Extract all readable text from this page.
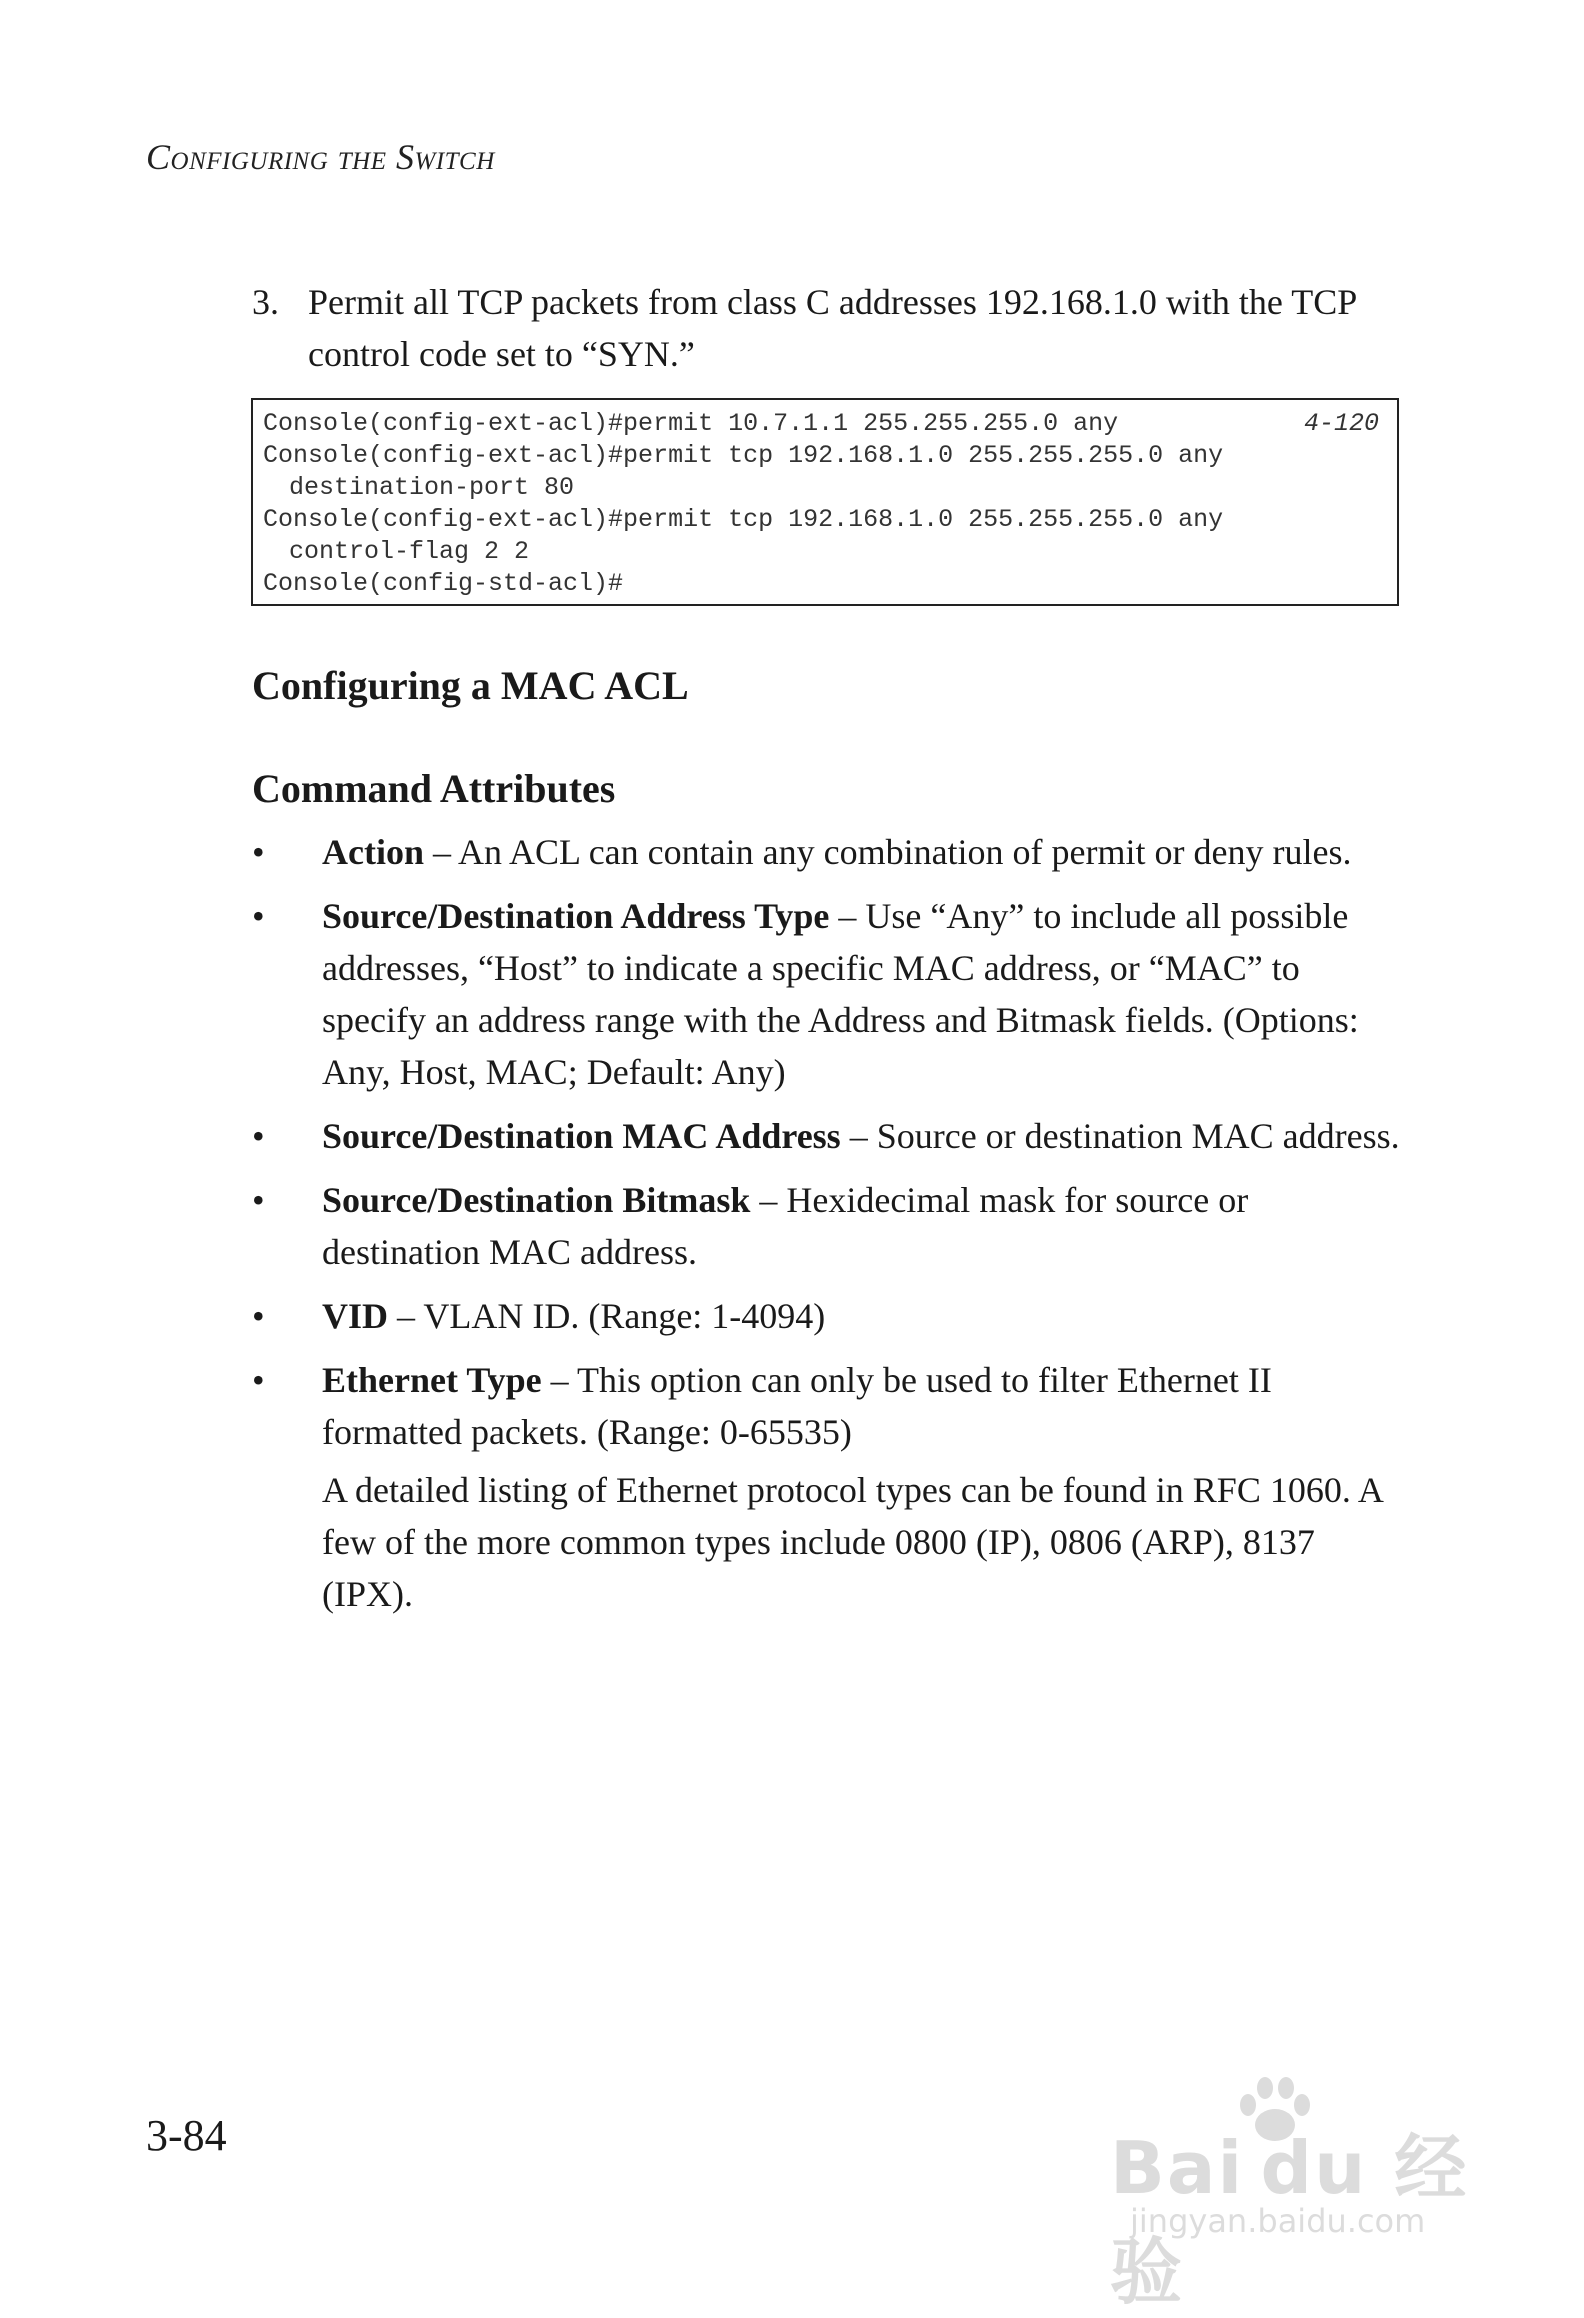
Configuring the Switch
3. Permit all TCP packets from class C addresses 192.168.1.0 with the TCP control code set to “SYN.”
4-120
Console(config-ext-acl)#permit 10.7.1.1 255.255.255.0 any
Console(config-ext-acl)#permit tcp 192.168.1.0 255.255.255.0 any
destination-port 80
Console(config-ext-acl)#permit tcp 192.168.1.0 255.255.255.0 any
control-flag 2 2
Console(config-std-acl)#
Configuring a MAC ACL
Command Attributes
• Action – An ACL can contain any combination of permit or deny rules.
• Source/Destination Address Type – Use “Any” to include all possible addresses, “Host” to indicate a specific MAC address, or “MAC” to specify an address range with the Address and Bitmask fields. (Options: Any, Host, MAC; Default: Any)
• Source/Destination MAC Address – Source or destination MAC address.
• Source/Destination Bitmask – Hexidecimal mask for source or destination MAC address.
• VID – VLAN ID. (Range: 1-4094)
• Ethernet Type – This option can only be used to filter Ethernet II formatted packets. (Range: 0-65535)
A detailed listing of Ethernet protocol types can be found in RFC 1060. A few of the more common types include 0800 (IP), 0806 (ARP), 8137 (IPX).
3-84	Bai du 经验
jingyan.baidu.com
